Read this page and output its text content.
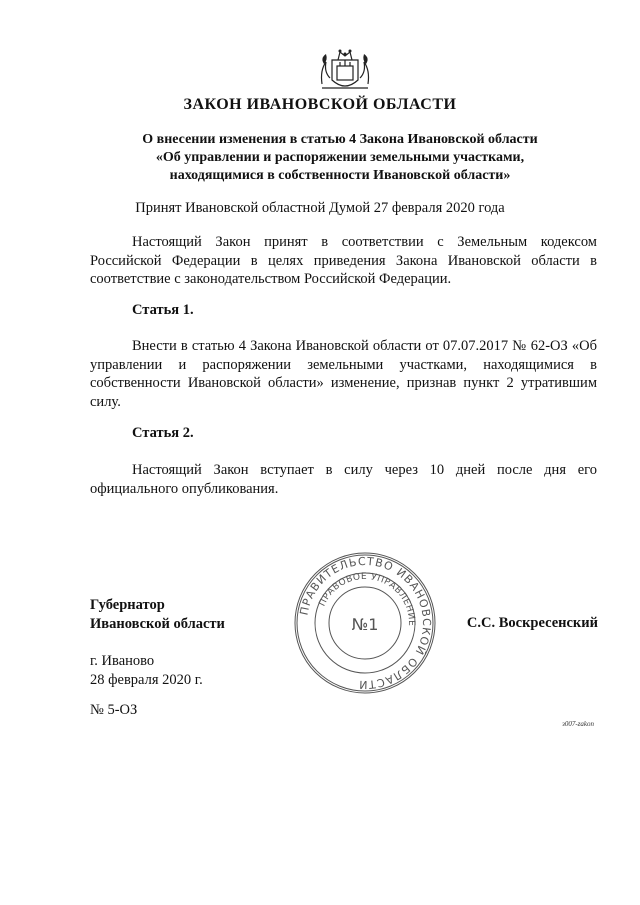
ЗАКОН ИВАНОВСКОЙ ОБЛАСТИ
О внесении изменения в статью 4 Закона Ивановской области
«Об управлении и распоряжении земельными участками,
находящимися в собственности Ивановской области»
Принят Ивановской областной Думой 27 февраля 2020 года
Настоящий Закон принят в соответствии с Земельным кодексом Российской Федерации в целях приведения Закона Ивановской области в соответствие с законодательством Российской Федерации.
Статья 1.
Внести в статью 4 Закона Ивановской области от 07.07.2017 № 62-ОЗ «Об управлении и распоряжении земельными участками, находящимися в собственности Ивановской области» изменение, признав пункт 2 утратившим силу.
Статья 2.
Настоящий Закон вступает в силу через 10 дней после дня его официального опубликования.
ПРАВИТЕЛЬСТВО ИВАНОВСКОЙ ОБЛАСТИ
ПРАВОВОЕ УПРАВЛЕНИЕ
№1
Губернатор
Ивановской области	С.С. Воскресенский
г. Иваново
28 февраля 2020 г.
№ 5-ОЗ
з007-zakon
